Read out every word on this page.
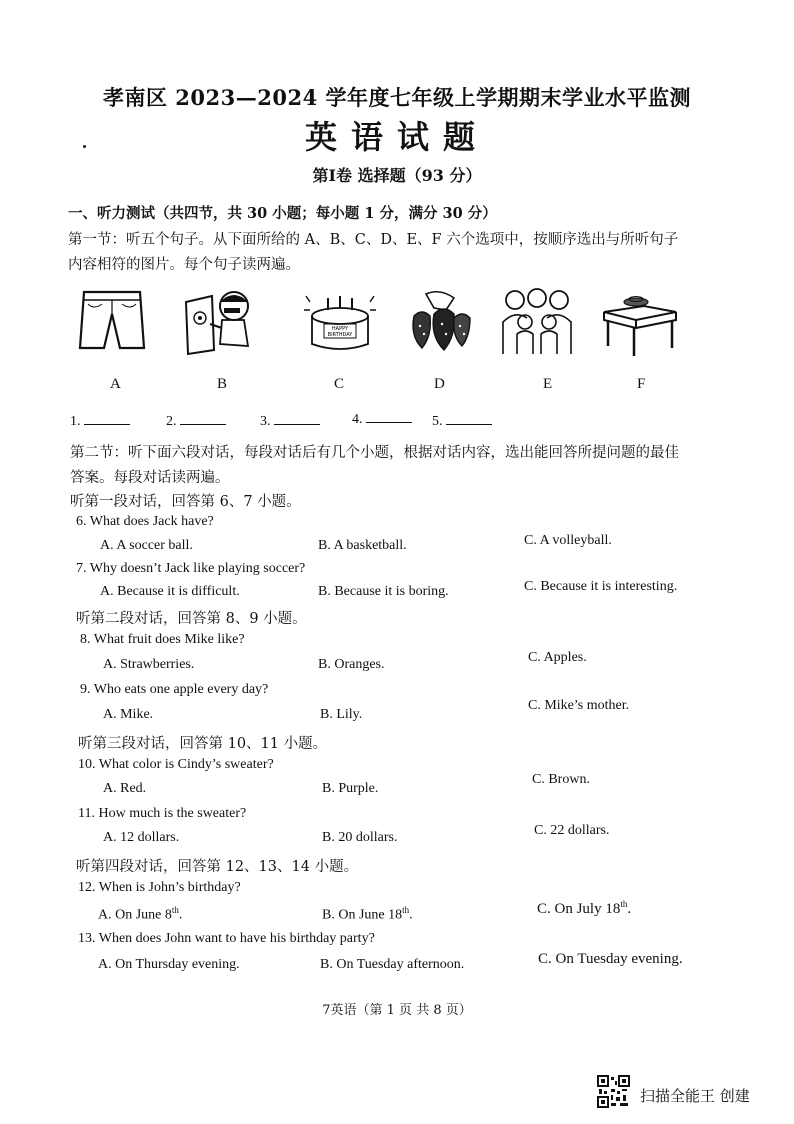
孝南区 2023—2024 学年度七年级上学期期末学业水平监测
英语试题
第Ⅰ卷 选择题（93 分）
一、听力测试（共四节，共 30 小题；每小题 1 分，满分 30 分）
第一节：听五个句子。从下面所给的 A、B、C、D、E、F 六个选项中，按顺序选出与所听句子
内容相符的图片。每个句子读两遍。
HAPPY
BIRTHDAY
A	B	C	D	E	F
1.	2.	3.	4.	5.
第二节：听下面六段对话，每段对话后有几个小题，根据对话内容，选出能回答所提问题的最佳
答案。每段对话读两遍。
听第一段对话，回答第 6、7 小题。
6. What does Jack have?
A. A soccer ball.	B. A basketball.	C. A volleyball.
7. Why doesn’t Jack like playing soccer?
A. Because it is difficult.	B. Because it is boring.	C. Because it is interesting.
听第二段对话，回答第 8、9 小题。
8. What fruit does Mike like?
A. Strawberries.	B. Oranges.	C. Apples.
9. Who eats one apple every day?
A. Mike.	B. Lily.
C. Mike’s mother.
听第三段对话，回答第 10、11 小题。
10. What color is Cindy’s sweater?
A. Red.	B. Purple.
C. Brown.
11. How much is the sweater?
A. 12 dollars.	B. 20 dollars.	C. 22 dollars.
听第四段对话，回答第 12、13、14 小题。
12. When is John’s birthday?
A. On June 8th.	B. On June 18th.	C. On July 18th.
13. When does John want to have his birthday party?
A. On Thursday evening.	B. On Tuesday afternoon.	C. On Tuesday evening.
7英语（第 1 页 共 8 页）
扫描全能王 创建
